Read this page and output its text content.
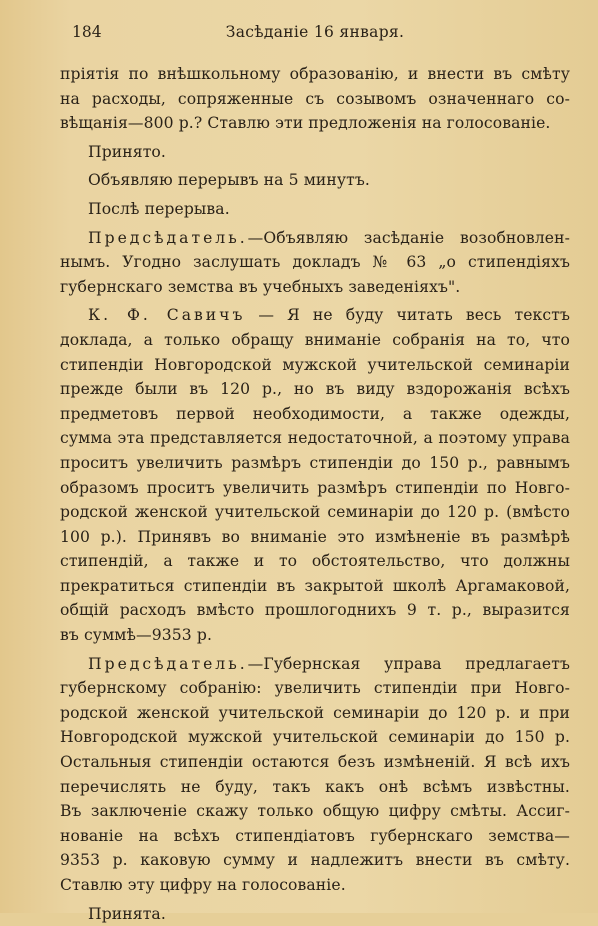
184	Засѣданіе 16 января.
пріятія по внѣшкольному образованію, и внести въ смѣту
на расходы, сопряженные съ созывомъ означеннаго со-
вѣщанія—800 р.? Ставлю эти предложенія на голосованіе.
Принято.
Объявляю перерывъ на 5 минутъ.
Послѣ перерыва.
Предсѣдатель.—Объявляю засѣданіе возобновлен-
нымъ. Угодно заслушать докладъ № 63 „о стипендіяхъ
губернскаго земства въ учебныхъ заведеніяхъ".
К. Ф. Савичъ — Я не буду читать весь текстъ
доклада, а только обращу вниманіе собранія на то, что
стипендіи Новгородской мужской учительской семинаріи
прежде были въ 120 р., но въ виду вздорожанія всѣхъ
предметовъ первой необходимости, а также одежды,
сумма эта представляется недостаточной, а поэтому управа
проситъ увеличить размѣръ стипендіи до 150 р., равнымъ
образомъ проситъ увеличить размѣръ стипендіи по Новго-
родской женской учительской семинаріи до 120 р. (вмѣсто
100 р.). Принявъ во вниманіе это измѣненіе въ размѣрѣ
стипендій, а также и то обстоятельство, что должны
прекратиться стипендіи въ закрытой школѣ Аргамаковой,
общій расходъ вмѣсто прошлогоднихъ 9 т. р., выразится
въ суммѣ—9353 р.
Предсѣдатель.—Губернская управа предлагаетъ
губернскому собранію: увеличить стипендіи при Новго-
родской женской учительской семинаріи до 120 р. и при
Новгородской мужской учительской семинаріи до 150 р.
Остальныя стипендіи остаются безъ измѣненій. Я всѣ ихъ
перечислять не буду, такъ какъ онѣ всѣмъ извѣстны.
Въ заключеніе скажу только общую цифру смѣты. Ассиг-
нованіе на всѣхъ стипендіатовъ губернскаго земства—
9353 р. каковую сумму и надлежитъ внести въ смѣту.
Ставлю эту цифру на голосованіе.
Принята.
